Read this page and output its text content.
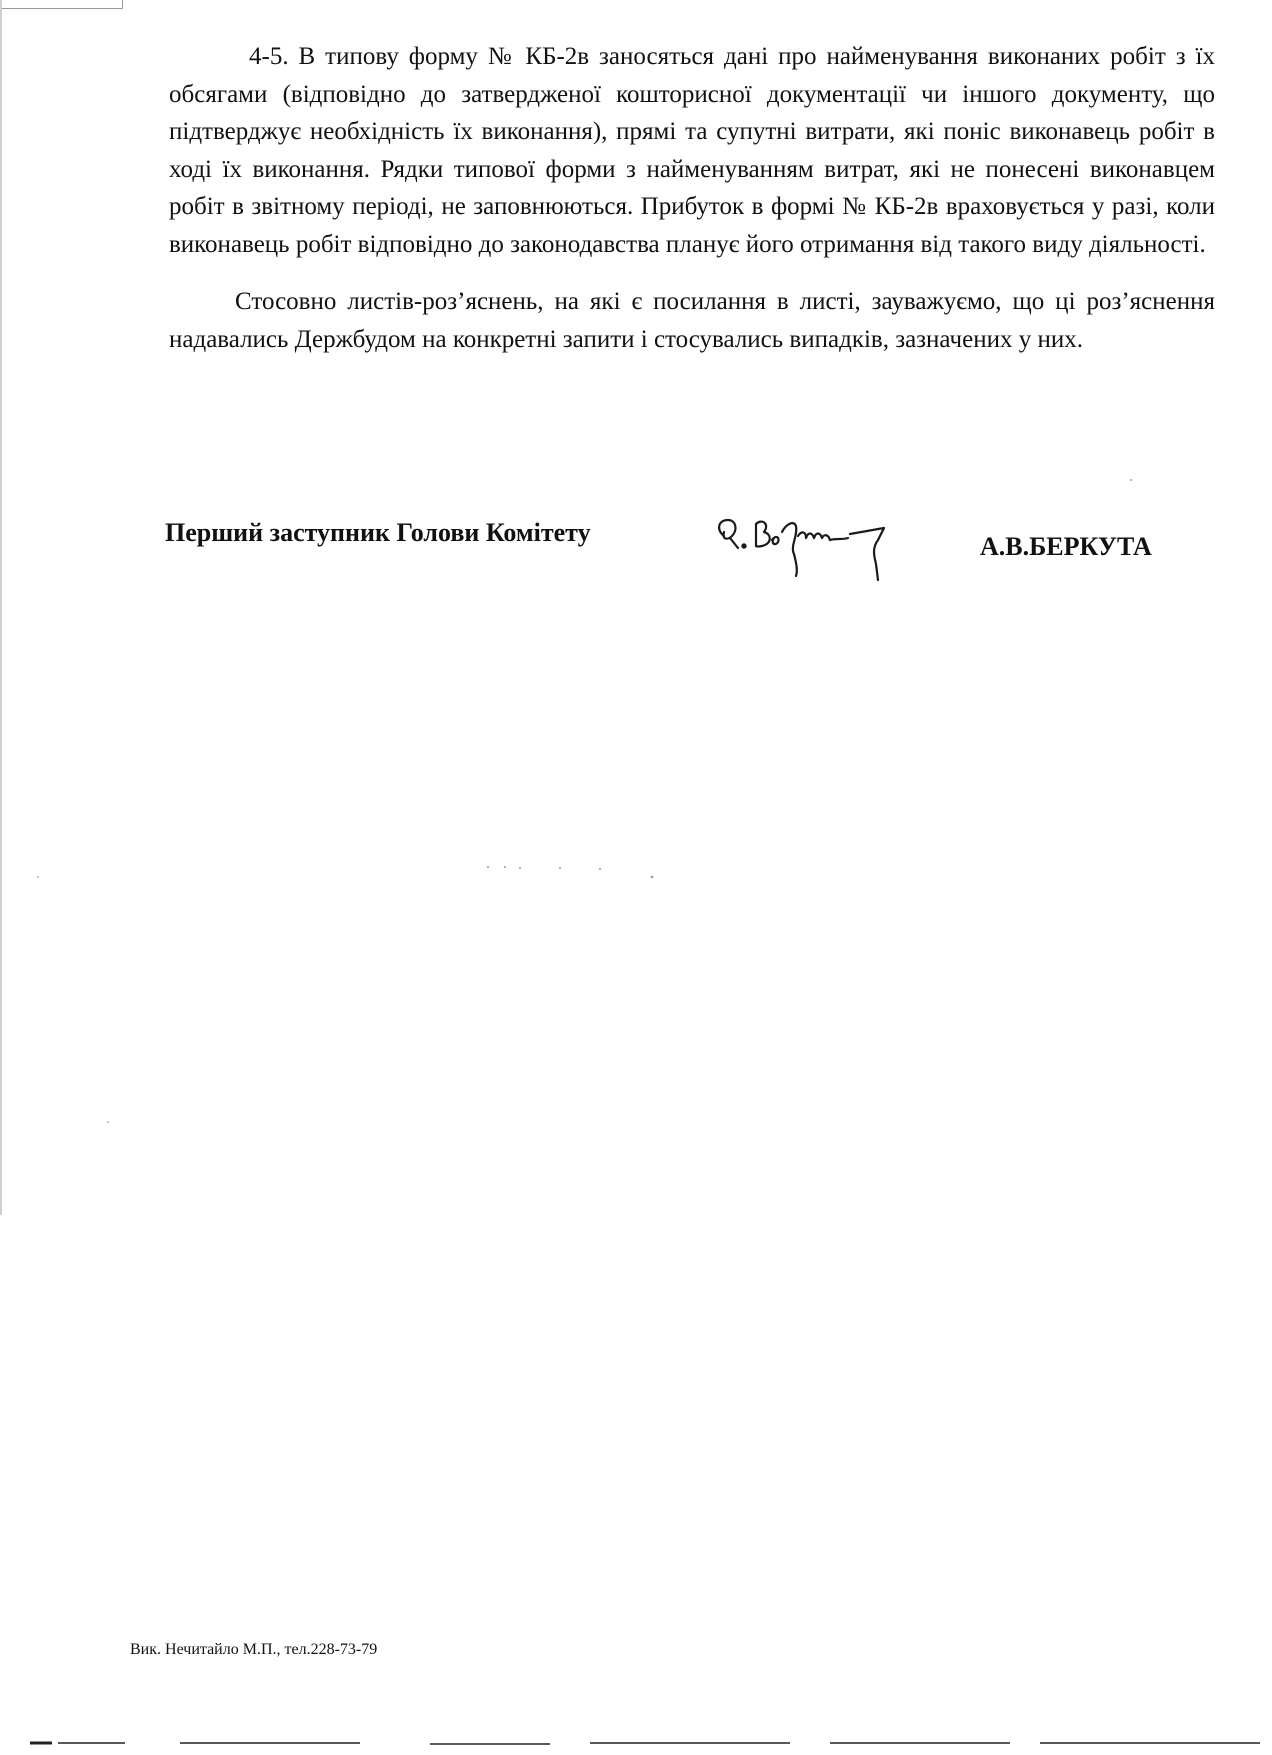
4-5. В типову форму № КБ-2в заносяться дані про найменування виконаних робіт з їх обсягами (відповідно до затвердженої кошторисної документації чи іншого документу, що підтверджує необхідність їх виконання), прямі та супутні витрати, які поніс виконавець робіт в ході їх виконання. Рядки типової форми з найменуванням витрат, які не понесені виконавцем робіт в звітному періоді, не заповнюються. Прибуток в формі № КБ-2в враховується у разі, коли виконавець робіт відповідно до законодавства планує його отримання від такого виду діяльності.

Стосовно листів-роз’яснень, на які є посилання в листі, зауважуємо, що ці роз’яснення надавались Держбудом на конкретні запити і стосувались випадків, зазначених у них.

Перший заступник Голови Комітету	А.В.БЕРКУТА
Вик. Нечитайло М.П., тел.228-73-79
